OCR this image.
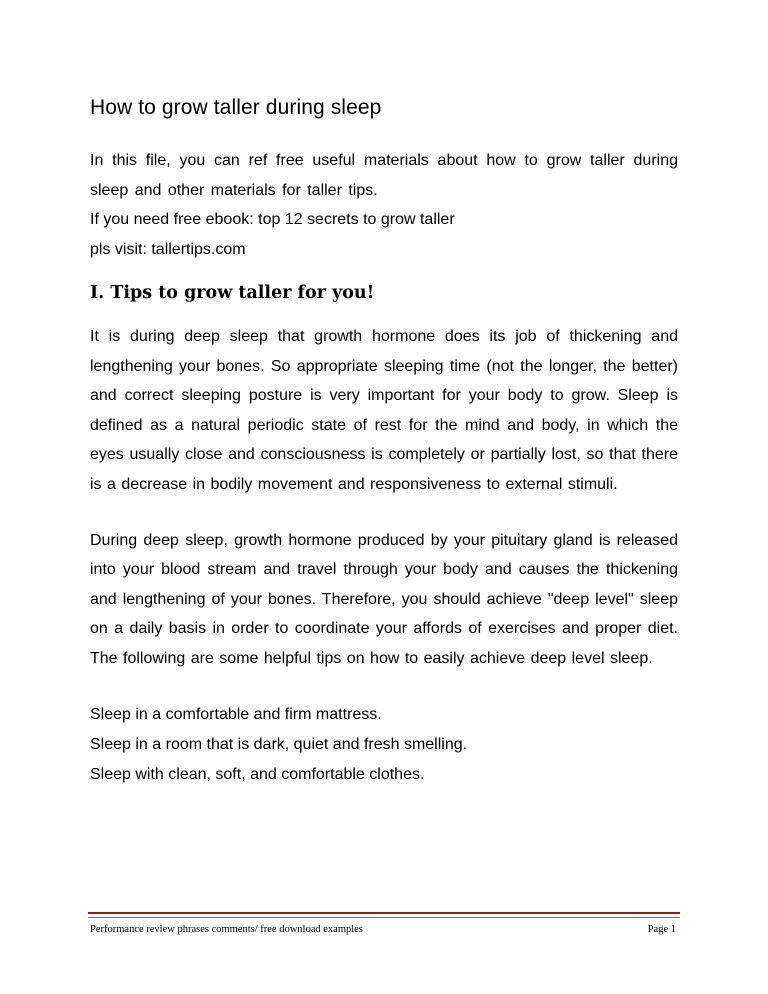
How to grow taller during sleep
In this file, you can ref free useful materials about how to grow taller during sleep and other materials for taller tips.
If you need free ebook: top 12 secrets to grow taller
pls visit: tallertips.com
I. Tips to grow taller for you!

It is during deep sleep that growth hormone does its job of thickening and lengthening your bones. So appropriate sleeping time (not the longer, the better) and correct sleeping posture is very important for your body to grow. Sleep is defined as a natural periodic state of rest for the mind and body, in which the eyes usually close and consciousness is completely or partially lost, so that there is a decrease in bodily movement and responsiveness to external stimuli.

During deep sleep, growth hormone produced by your pituitary gland is released into your blood stream and travel through your body and causes the thickening and lengthening of your bones. Therefore, you should achieve "deep level" sleep on a daily basis in order to coordinate your affords of exercises and proper diet. The following are some helpful tips on how to easily achieve deep level sleep.

Sleep in a comfortable and firm mattress.
Sleep in a room that is dark, quiet and fresh smelling.
Sleep with clean, soft, and comfortable clothes.
Performance review phrases comments/ free download examples	Page 1
